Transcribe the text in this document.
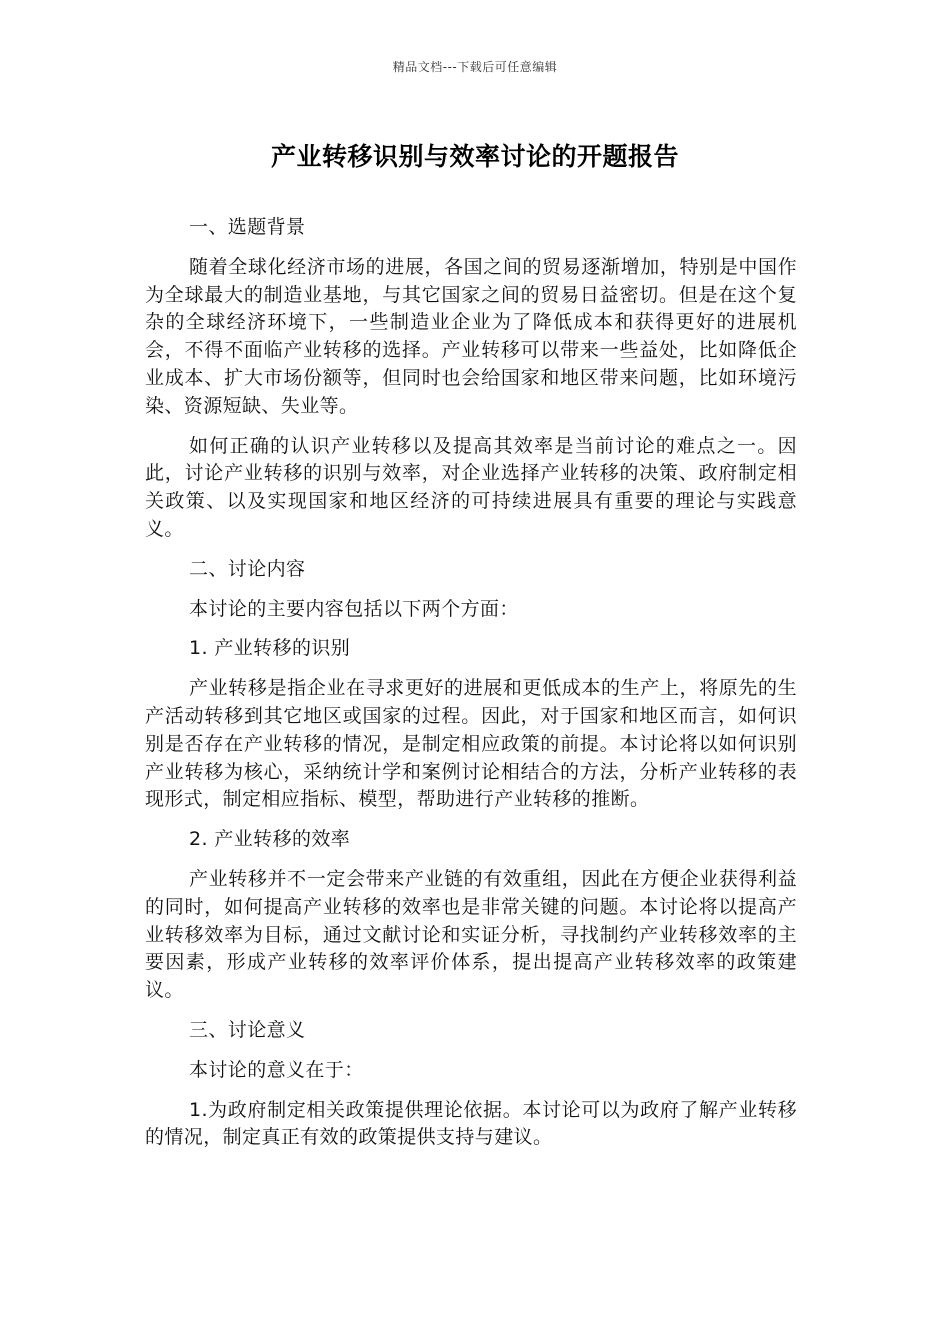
精品文档---下载后可任意编辑
产业转移识别与效率讨论的开题报告

一、选题背景

随着全球化经济市场的进展，各国之间的贸易逐渐增加，特别是中国作为全球最大的制造业基地，与其它国家之间的贸易日益密切。但是在这个复杂的全球经济环境下，一些制造业企业为了降低成本和获得更好的进展机会，不得不面临产业转移的选择。产业转移可以带来一些益处，比如降低企业成本、扩大市场份额等，但同时也会给国家和地区带来问题，比如环境污染、资源短缺、失业等。

如何正确的认识产业转移以及提高其效率是当前讨论的难点之一。因此，讨论产业转移的识别与效率，对企业选择产业转移的决策、政府制定相关政策、以及实现国家和地区经济的可持续进展具有重要的理论与实践意义。

二、讨论内容

本讨论的主要内容包括以下两个方面：

1. 产业转移的识别

产业转移是指企业在寻求更好的进展和更低成本的生产上，将原先的生产活动转移到其它地区或国家的过程。因此，对于国家和地区而言，如何识别是否存在产业转移的情况，是制定相应政策的前提。本讨论将以如何识别产业转移为核心，采纳统计学和案例讨论相结合的方法，分析产业转移的表现形式，制定相应指标、模型，帮助进行产业转移的推断。

2. 产业转移的效率

产业转移并不一定会带来产业链的有效重组，因此在方便企业获得利益的同时，如何提高产业转移的效率也是非常关键的问题。本讨论将以提高产业转移效率为目标，通过文献讨论和实证分析，寻找制约产业转移效率的主要因素，形成产业转移的效率评价体系，提出提高产业转移效率的政策建议。

三、讨论意义

本讨论的意义在于：

1.为政府制定相关政策提供理论依据。本讨论可以为政府了解产业转移的情况，制定真正有效的政策提供支持与建议。
